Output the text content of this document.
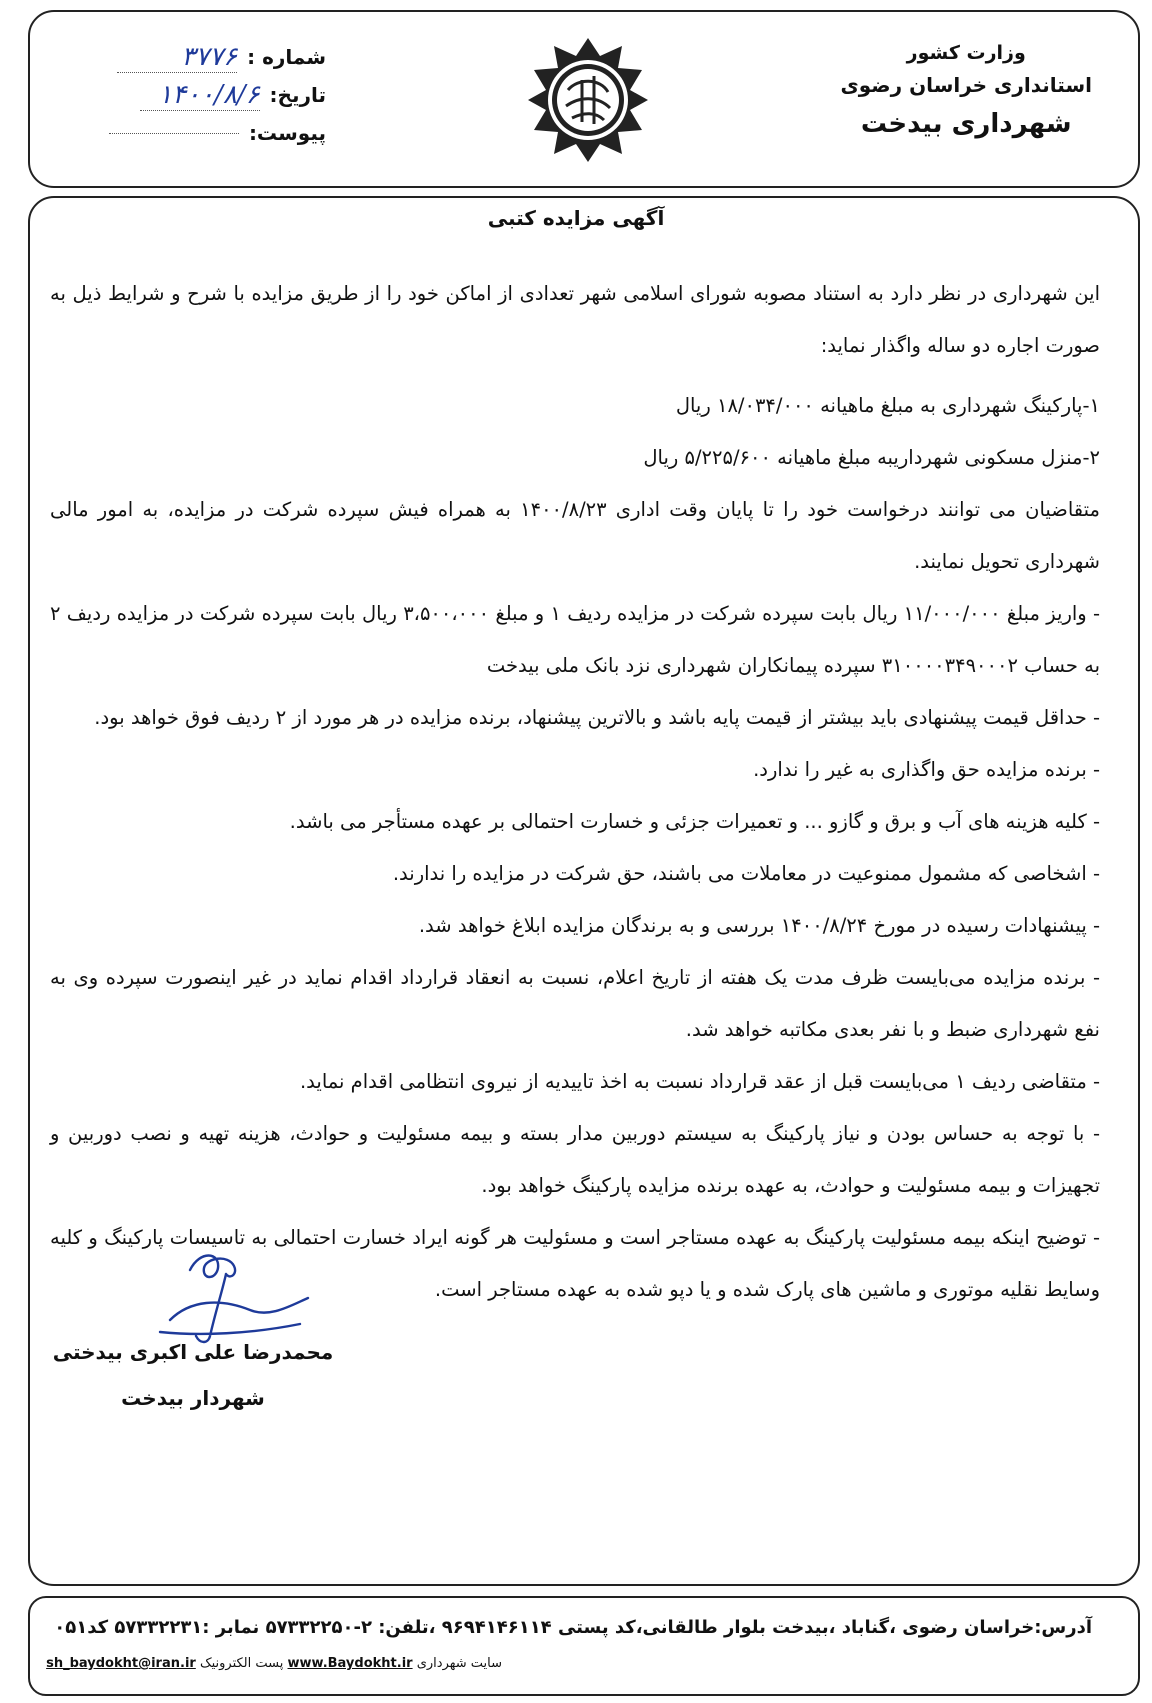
وزارت کشور
استانداری خراسان رضوی
شهرداری بیدخت
شماره :
۳۷۷۶
تاریخ:
۱۴۰۰/۸/۶
پیوست:
آگهی مزایده کتبی

این شهرداری در نظر دارد به استناد مصوبه شورای اسلامی شهر تعدادی از اماکن خود را از طریق مزایده با شرح و شرایط ذیل به صورت اجاره دو ساله واگذار نماید:

۱-پارکینگ شهرداری به مبلغ ماهیانه ۱۸/۰۳۴/۰۰۰ ریال

۲-منزل مسکونی شهرداریبه مبلغ ماهیانه ۵/۲۲۵/۶۰۰ ریال

متقاضیان می توانند درخواست خود را تا پایان وقت اداری ۱۴۰۰/۸/۲۳ به همراه فیش سپرده شرکت در مزایده، به امور مالی شهرداری تحویل نمایند.

- واریز مبلغ ۱۱/۰۰۰/۰۰۰ ریال بابت سپرده شرکت در مزایده ردیف ۱ و مبلغ ۳،۵۰۰،۰۰۰ ریال بابت سپرده شرکت در مزایده ردیف ۲ به حساب ۳۱۰۰۰۰۳۴۹۰۰۰۲ سپرده پیمانکاران شهرداری نزد بانک ملی بیدخت

- حداقل قیمت پیشنهادی باید بیشتر از قیمت پایه باشد و بالاترین پیشنهاد، برنده مزایده در هر مورد از ۲ ردیف فوق خواهد بود.

- برنده مزایده حق واگذاری به غیر را ندارد.

- کلیه هزینه های آب و برق و گازو ... و تعمیرات جزئی و خسارت احتمالی بر عهده مستأجر می باشد.

- اشخاصی که مشمول ممنوعیت در معاملات می باشند، حق شرکت در مزایده را ندارند.

- پیشنهادات رسیده در مورخ ۱۴۰۰/۸/۲۴ بررسی و به برندگان مزایده ابلاغ خواهد شد.

- برنده مزایده می‌بایست ظرف مدت یک هفته از تاریخ اعلام، نسبت به انعقاد قرارداد اقدام نماید در غیر اینصورت سپرده وی به نفع شهرداری ضبط و با نفر بعدی مکاتبه خواهد شد.

- متقاضی ردیف ۱ می‌بایست قبل از عقد قرارداد نسبت به اخذ تاییدیه از نیروی انتظامی اقدام نماید.

- با توجه به حساس بودن و نیاز پارکینگ به سیستم دوربین مدار بسته و بیمه مسئولیت و حوادث، هزینه تهیه و نصب دوربین و تجهیزات و بیمه مسئولیت و حوادث، به عهده برنده مزایده پارکینگ خواهد بود.

- توضیح اینکه بیمه مسئولیت پارکینگ به عهده مستاجر است و مسئولیت هر گونه ایراد خسارت احتمالی به تاسیسات پارکینگ و کلیه وسایط نقلیه موتوری و ماشین های پارک شده و یا دپو شده به عهده مستاجر است.

محمدرضا علی اکبری بیدختی
شهردار بیدخت
آدرس:خراسان رضوی ،گناباد ،بیدخت بلوار طالقانی،کد پستی ۹۶۹۴۱۴۶۱۱۴ ،تلفن: ۲-۵۷۳۳۲۲۵۰ نمابر :۵۷۳۳۲۲۳۱ کد۰۵۱
سایت شهرداری www.Baydokht.ir پست الکترونیک sh_baydokht@iran.ir
